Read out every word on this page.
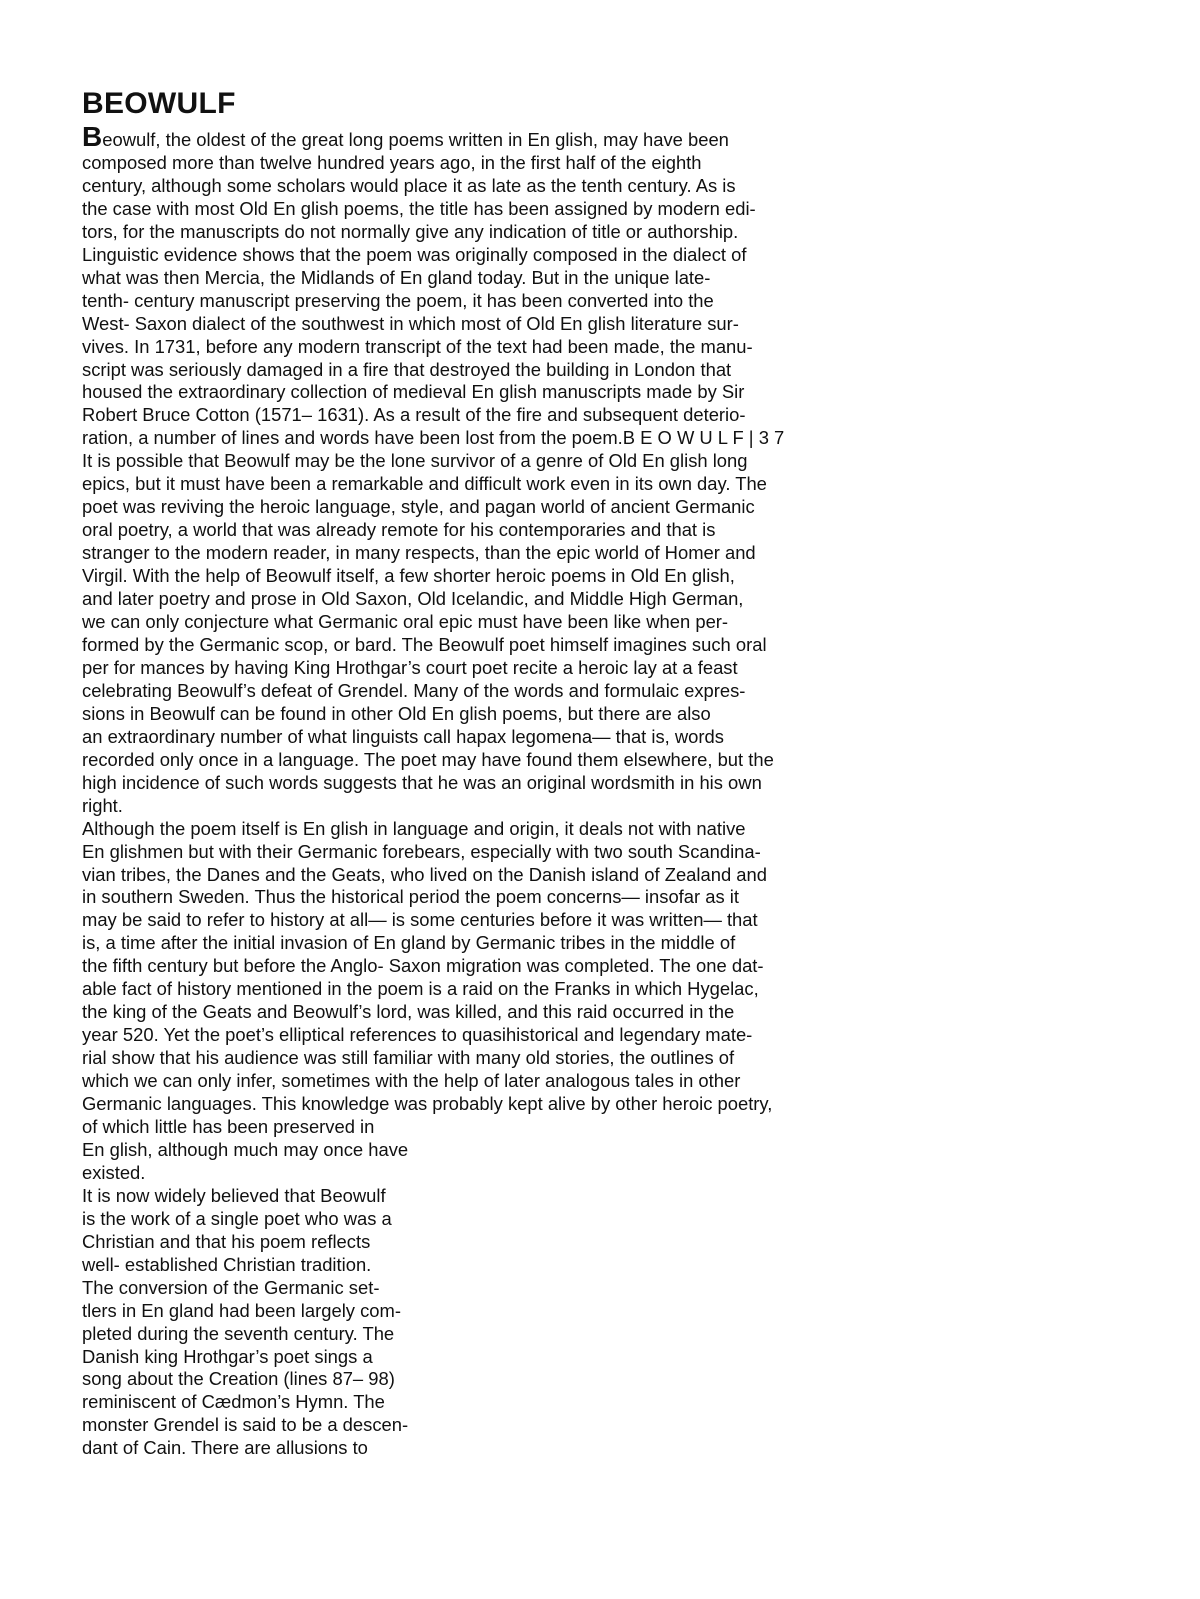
BEOWULF
Beowulf, the oldest of the great long poems written in En glish, may have been
composed more than twelve hundred years ago, in the first half of the eighth
century, although some scholars would place it as late as the tenth century. As is
the case with most Old En glish poems, the title has been assigned by modern edi-
tors, for the manuscripts do not normally give any indication of title or authorship.
Linguistic evidence shows that the poem was originally composed in the dialect of
what was then Mercia, the Midlands of En gland today. But in the unique late-
tenth- century manuscript preserving the poem, it has been converted into the
West- Saxon dialect of the southwest in which most of Old En glish literature sur-
vives. In 1731, before any modern transcript of the text had been made, the manu-
script was seriously damaged in a fire that destroyed the building in London that
housed the extraordinary collection of medieval En glish manuscripts made by Sir
Robert Bruce Cotton (1571– 1631). As a result of the fire and subsequent deterio-
ration, a number of lines and words have been lost from the poem.B E O W U L F | 3 7
It is possible that Beowulf may be the lone survivor of a genre of Old En glish long
epics, but it must have been a remarkable and difficult work even in its own day. The
poet was reviving the heroic language, style, and pagan world of ancient Germanic
oral poetry, a world that was already remote for his contemporaries and that is
stranger to the modern reader, in many respects, than the epic world of Homer and
Virgil. With the help of Beowulf itself, a few shorter heroic poems in Old En glish,
and later poetry and prose in Old Saxon, Old Icelandic, and Middle High German,
we can only conjecture what Germanic oral epic must have been like when per-
formed by the Germanic scop, or bard. The Beowulf poet himself imagines such oral
per for mances by having King Hrothgar’s court poet recite a heroic lay at a feast
celebrating Beowulf’s defeat of Grendel. Many of the words and formulaic expres-
sions in Beowulf can be found in other Old En glish poems, but there are also
an extraordinary number of what linguists call hapax legomena— that is, words
recorded only once in a language. The poet may have found them elsewhere, but the
high incidence of such words suggests that he was an original wordsmith in his own
right.
Although the poem itself is En glish in language and origin, it deals not with native
En glishmen but with their Germanic forebears, especially with two south Scandina-
vian tribes, the Danes and the Geats, who lived on the Danish island of Zealand and
in southern Sweden. Thus the historical period the poem concerns— insofar as it
may be said to refer to history at all— is some centuries before it was written— that
is, a time after the initial invasion of En gland by Germanic tribes in the middle of
the fifth century but before the Anglo- Saxon migration was completed. The one dat-
able fact of history mentioned in the poem is a raid on the Franks in which Hygelac,
the king of the Geats and Beowulf’s lord, was killed, and this raid occurred in the
year 520. Yet the poet’s elliptical references to quasihistorical and legendary mate-
rial show that his audience was still familiar with many old stories, the outlines of
which we can only infer, sometimes with the help of later analogous tales in other
Germanic languages. This knowledge was probably kept alive by other heroic poetry,
of which little has been preserved in
En glish, although much may once have
existed.
It is now widely believed that Beowulf
is the work of a single poet who was a
Christian and that his poem reflects
well- established Christian tradition.
The conversion of the Germanic set-
tlers in En gland had been largely com-
pleted during the seventh century. The
Danish king Hrothgar’s poet sings a
song about the Creation (lines 87– 98)
reminiscent of Cædmon’s Hymn. The
monster Grendel is said to be a descen-
dant of Cain. There are allusions to
